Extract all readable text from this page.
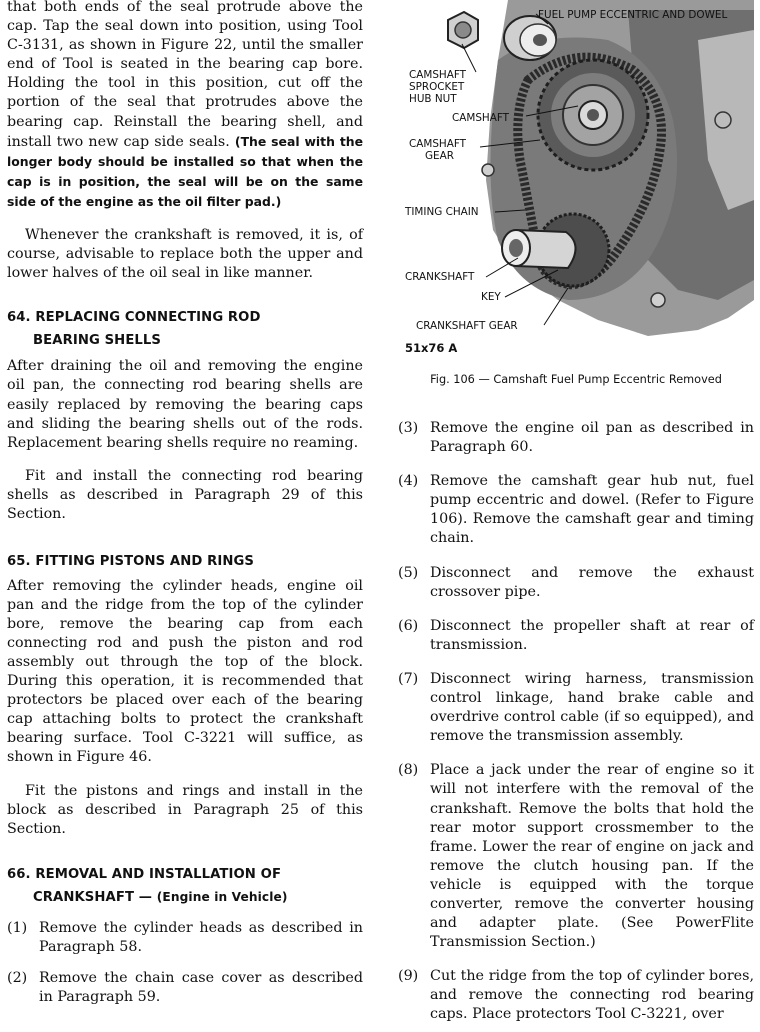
that both ends of the seal protrude above the cap. Tap the seal down into position, using Tool C-3131, as shown in Figure 22, until the smaller end of Tool is seated in the bearing cap bore. Holding the tool in this position, cut off the portion of the seal that protrudes above the bearing cap. Reinstall the bearing shell, and install two new cap side seals. (The seal with the longer body should be installed so that when the cap is in position, the seal will be on the same side of the engine as the oil filter pad.)

Whenever the crankshaft is removed, it is, of course, advisable to replace both the upper and lower halves of the oil seal in like manner.

64. REPLACING CONNECTING ROD
BEARING SHELLS

After draining the oil and removing the engine oil pan, the connecting rod bearing shells are easily replaced by removing the bearing caps and sliding the bearing shells out of the rods. Replacement bearing shells require no reaming.

Fit and install the connecting rod bearing shells as described in Paragraph 29 of this Section.

65. FITTING PISTONS AND RINGS

After removing the cylinder heads, engine oil pan and the ridge from the top of the cylinder bore, remove the bearing cap from each connecting rod and push the piston and rod assembly out through the top of the block. During this operation, it is recommended that protectors be placed over each of the bearing cap attaching bolts to protect the crankshaft bearing surface. Tool C-3221 will suffice, as shown in Figure 46.

Fit the pistons and rings and install in the block as described in Paragraph 25 of this Section.

66. REMOVAL AND INSTALLATION OF
CRANKSHAFT — (Engine in Vehicle)
(1) Remove the cylinder heads as described in Paragraph 58.
(2) Remove the chain case cover as described in Paragraph 59.
FUEL PUMP ECCENTRIC AND DOWEL
CAMSHAFT
SPROCKET
HUB NUT
CAMSHAFT
CAMSHAFT
GEAR
TIMING CHAIN
CRANKSHAFT
KEY
CRANKSHAFT GEAR
51x76 A
Fig. 106 — Camshaft Fuel Pump Eccentric Removed
(3) Remove the engine oil pan as described in Paragraph 60.
(4) Remove the camshaft gear hub nut, fuel pump eccentric and dowel. (Refer to Figure 106). Remove the camshaft gear and timing chain.
(5) Disconnect and remove the exhaust crossover pipe.
(6) Disconnect the propeller shaft at rear of transmission.
(7) Disconnect wiring harness, transmission control linkage, hand brake cable and overdrive control cable (if so equipped), and remove the transmission assembly.
(8) Place a jack under the rear of engine so it will not interfere with the removal of the crankshaft. Remove the bolts that hold the rear motor support crossmember to the frame. Lower the rear of engine on jack and remove the clutch housing pan. If the vehicle is equipped with the torque converter, remove the converter housing and adapter plate. (See PowerFlite Transmission Section.)
(9) Cut the ridge from the top of cylinder bores, and remove the connecting rod bearing caps. Place protectors Tool C-3221, over
